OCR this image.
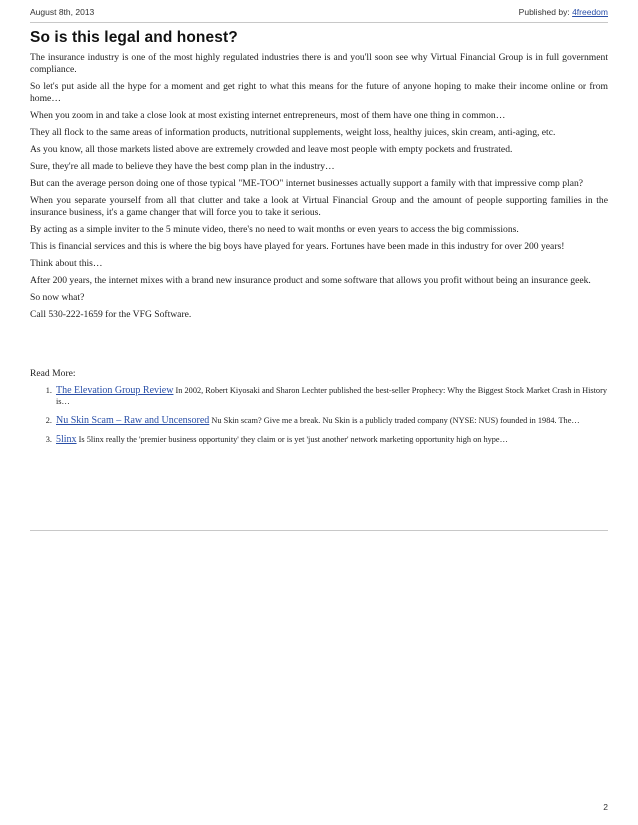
August 8th, 2013	Published by: 4freedom
So is this legal and honest?

The insurance industry is one of the most highly regulated industries there is and you'll soon see why Virtual Financial Group is in full government compliance.

So let's put aside all the hype for a moment and get right to what this means for the future of anyone hoping to make their income online or from home…

When you zoom in and take a close look at most existing internet entrepreneurs, most of them have one thing in common…

They all flock to the same areas of information products, nutritional supplements, weight loss, healthy juices, skin cream, anti-aging, etc.

As you know, all those markets listed above are extremely crowded and leave most people with empty pockets and frustrated.

Sure, they're all made to believe they have the best comp plan in the industry…

But can the average person doing one of those typical "ME-TOO" internet businesses actually support a family with that impressive comp plan?

When you separate yourself from all that clutter and take a look at Virtual Financial Group and the amount of people supporting families in the insurance business, it's a game changer that will force you to take it serious.

By acting as a simple inviter to the 5 minute video, there's no need to wait months or even years to access the big commissions.

This is financial services and this is where the big boys have played for years. Fortunes have been made in this industry for over 200 years!

Think about this…

After 200 years, the internet mixes with a brand new insurance product and some software that allows you profit without being an insurance geek.

So now what?

Call 530-222-1659 for the VFG Software.

Read More:

1. The Elevation Group Review In 2002, Robert Kiyosaki and Sharon Lechter published the best-seller Prophecy: Why the Biggest Stock Market Crash in History is…
2. Nu Skin Scam – Raw and Uncensored Nu Skin scam? Give me a break. Nu Skin is a publicly traded company (NYSE: NUS) founded in 1984. The…
3. 5linx Is 5linx really the 'premier business opportunity' they claim or is yet 'just another' network marketing opportunity high on hype…
2
